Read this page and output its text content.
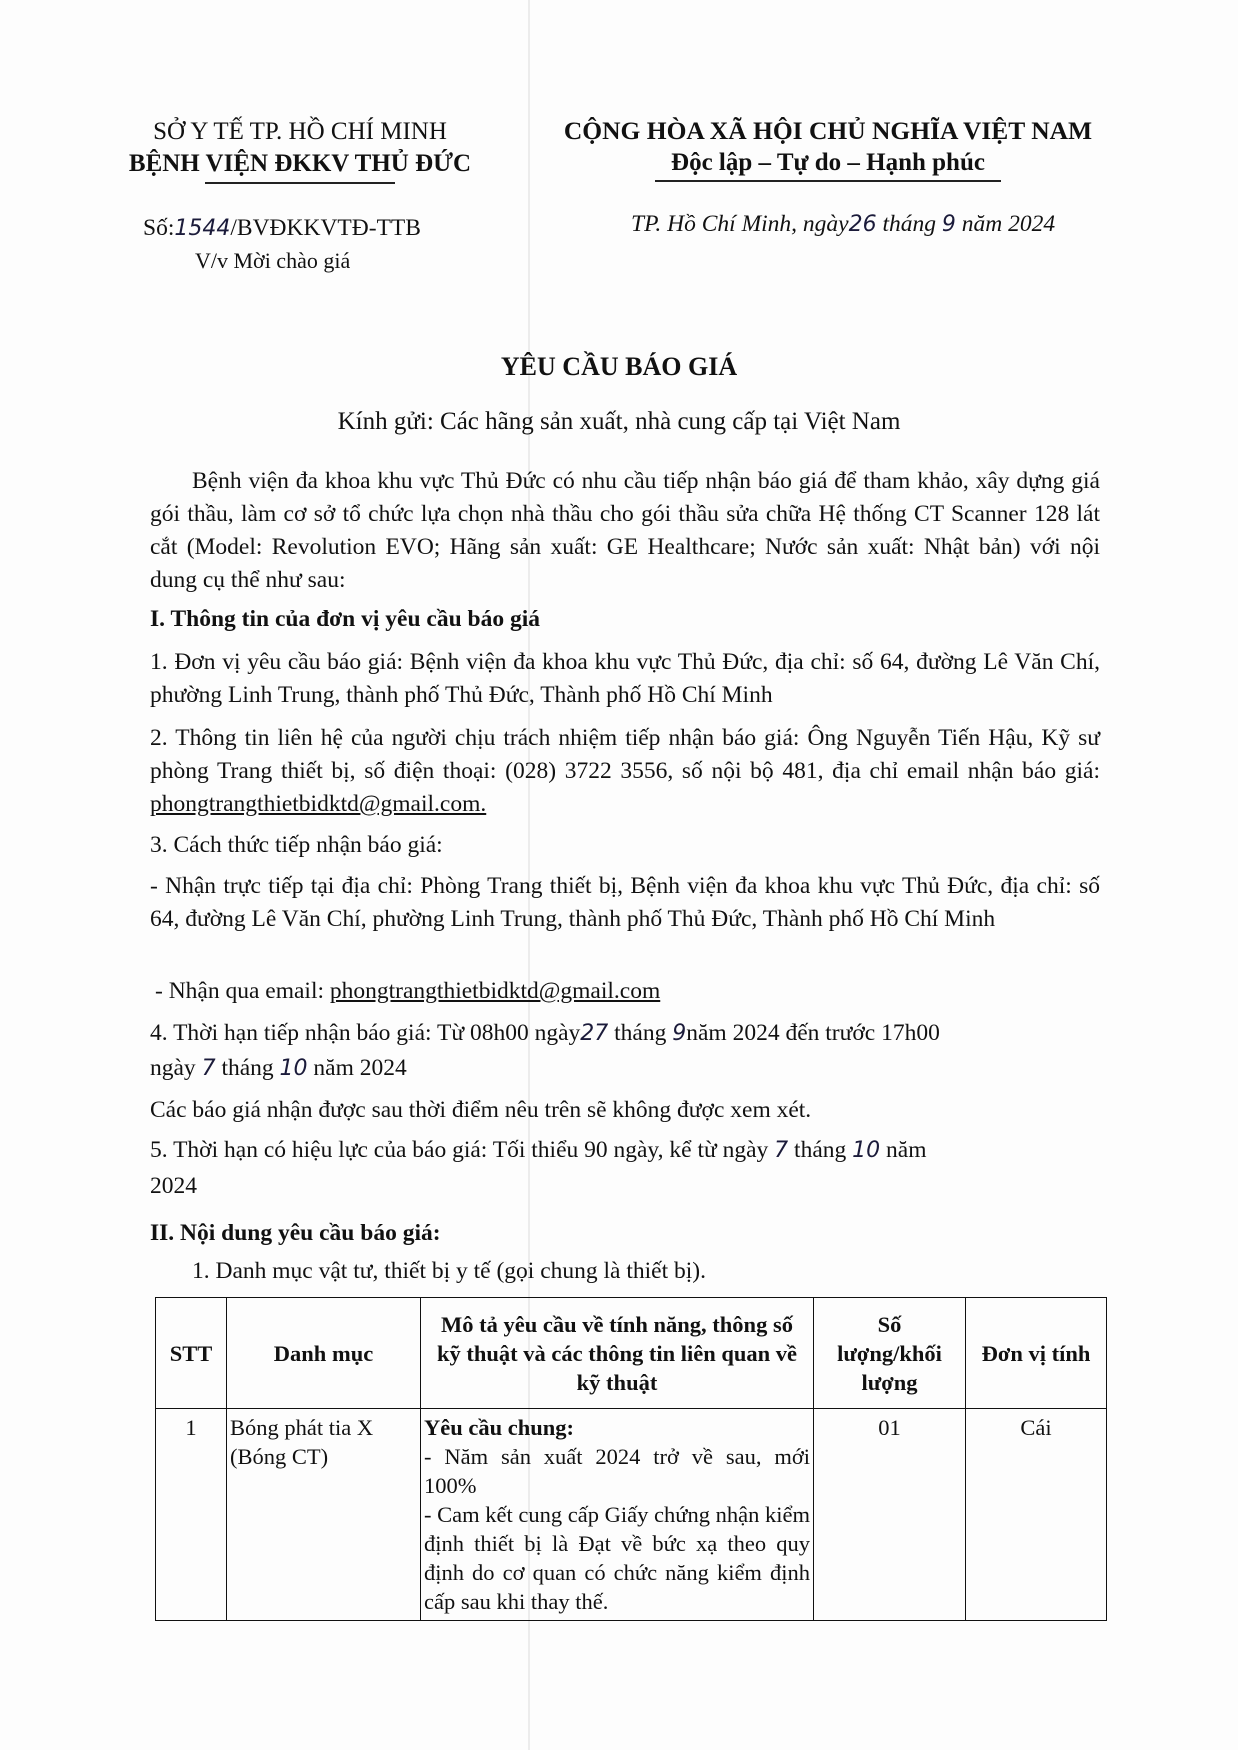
SỞ Y TẾ TP. HỒ CHÍ MINH
BỆNH VIỆN ĐKKV THỦ ĐỨC
CỘNG HÒA XÃ HỘI CHỦ NGHĨA VIỆT NAM
Độc lập – Tự do – Hạnh phúc
Số:1544/BVĐKKVTĐ-TTB
V/v Mời chào giá
TP. Hồ Chí Minh, ngày26 tháng 9 năm 2024
YÊU CẦU BÁO GIÁ
Kính gửi: Các hãng sản xuất, nhà cung cấp tại Việt Nam
Bệnh viện đa khoa khu vực Thủ Đức có nhu cầu tiếp nhận báo giá để tham khảo, xây dựng giá gói thầu, làm cơ sở tổ chức lựa chọn nhà thầu cho gói thầu sửa chữa Hệ thống CT Scanner 128 lát cắt (Model: Revolution EVO; Hãng sản xuất: GE Healthcare; Nước sản xuất: Nhật bản) với nội dung cụ thể như sau:
I. Thông tin của đơn vị yêu cầu báo giá
1. Đơn vị yêu cầu báo giá: Bệnh viện đa khoa khu vực Thủ Đức, địa chỉ: số 64, đường Lê Văn Chí, phường Linh Trung, thành phố Thủ Đức, Thành phố Hồ Chí Minh
2. Thông tin liên hệ của người chịu trách nhiệm tiếp nhận báo giá: Ông Nguyễn Tiến Hậu, Kỹ sư phòng Trang thiết bị, số điện thoại: (028) 3722 3556, số nội bộ 481, địa chỉ email nhận báo giá: phongtrangthietbidktd@gmail.com.
3. Cách thức tiếp nhận báo giá:
- Nhận trực tiếp tại địa chỉ: Phòng Trang thiết bị, Bệnh viện đa khoa khu vực Thủ Đức, địa chỉ: số 64, đường Lê Văn Chí, phường Linh Trung, thành phố Thủ Đức, Thành phố Hồ Chí Minh
- Nhận qua email: phongtrangthietbidktd@gmail.com
4. Thời hạn tiếp nhận báo giá: Từ 08h00 ngày27 tháng 9năm 2024 đến trước 17h00
ngày 7 tháng 10 năm 2024
Các báo giá nhận được sau thời điểm nêu trên sẽ không được xem xét.
5. Thời hạn có hiệu lực của báo giá: Tối thiểu 90 ngày, kể từ ngày 7 tháng 10 năm
2024
II. Nội dung yêu cầu báo giá:
1. Danh mục vật tư, thiết bị y tế (gọi chung là thiết bị).
STT	Danh mục	Mô tả yêu cầu về tính năng, thông số kỹ thuật và các thông tin liên quan về kỹ thuật	Số lượng/khối lượng	Đơn vị tính

1	Bóng phát tia X (Bóng CT)	Yêu cầu chung:
- Năm sản xuất 2024 trở về sau, mới 100%
- Cam kết cung cấp Giấy chứng nhận kiểm định thiết bị là Đạt về bức xạ theo quy định do cơ quan có chức năng kiểm định cấp sau khi thay thế.	01	Cái
